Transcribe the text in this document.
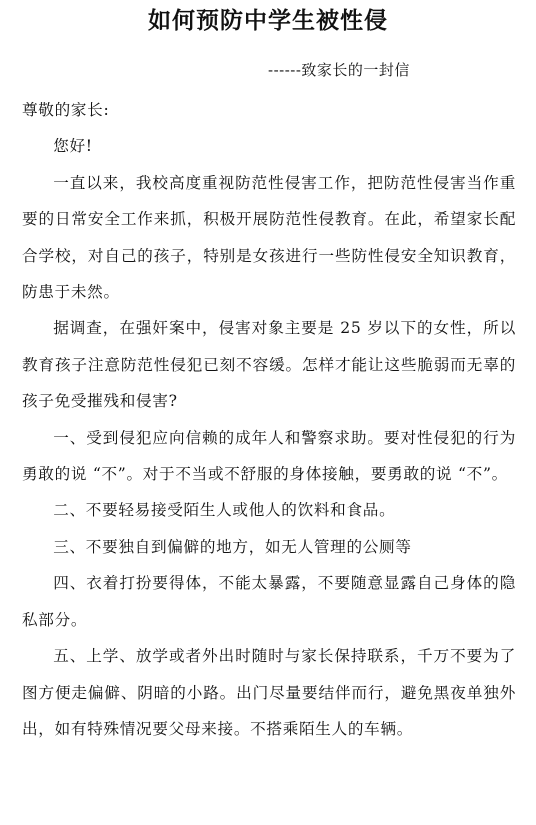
如何预防中学生被性侵
------致家长的一封信

尊敬的家长:

您好!

一直以来，我校高度重视防范性侵害工作，把防范性侵害当作重要的日常安全工作来抓，积极开展防范性侵教育。在此，希望家长配合学校，对自己的孩子，特别是女孩进行一些防性侵安全知识教育，防患于未然。

据调查，在强奸案中，侵害对象主要是 25 岁以下的女性，所以教育孩子注意防范性侵犯已刻不容缓。怎样才能让这些脆弱而无辜的孩子免受摧残和侵害?

一、受到侵犯应向信赖的成年人和警察求助。要对性侵犯的行为勇敢的说 “不”。对于不当或不舒服的身体接触，要勇敢的说 “不”。

二、不要轻易接受陌生人或他人的饮料和食品。

三、不要独自到偏僻的地方，如无人管理的公厕等

四、衣着打扮要得体，不能太暴露，不要随意显露自己身体的隐私部分。

五、上学、放学或者外出时随时与家长保持联系，千万不要为了图方便走偏僻、阴暗的小路。出门尽量要结伴而行，避免黑夜单独外出，如有特殊情况要父母来接。不搭乘陌生人的车辆。
